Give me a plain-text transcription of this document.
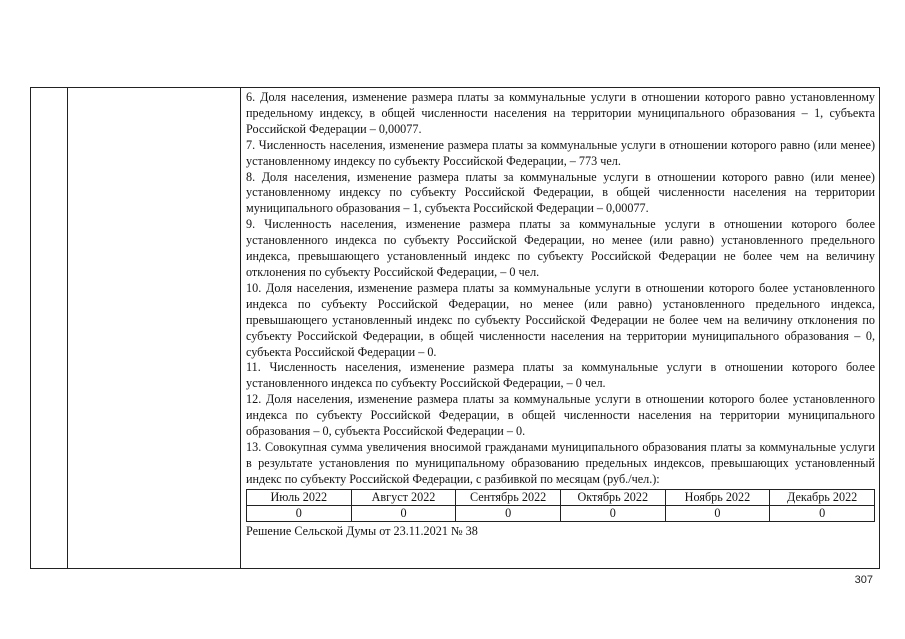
6. Доля населения, изменение размера платы за коммунальные услуги в отношении которого равно установленному предельному индексу, в общей численности населения на территории муниципального образования – 1, субъекта Российской Федерации – 0,00077.

7. Численность населения, изменение размера платы за коммунальные услуги в отношении которого равно (или менее) установленному индексу по субъекту Российской Федерации, – 773 чел.

8. Доля населения, изменение размера платы за коммунальные услуги в отношении которого равно (или менее) установленному индексу по субъекту Российской Федерации, в общей численности населения на территории муниципального образования – 1, субъекта Российской Федерации – 0,00077.

9. Численность населения, изменение размера платы за коммунальные услуги в отношении которого более установленного индекса по субъекту Российской Федерации, но менее (или равно) установленного предельного индекса, превышающего установленный индекс по субъекту Российской Федерации не более чем на величину отклонения по субъекту Российской Федерации, – 0 чел.

10. Доля населения, изменение размера платы за коммунальные услуги в отношении которого более установленного индекса по субъекту Российской Федерации, но менее (или равно) установленного предельного индекса, превышающего установленный индекс по субъекту Российской Федерации не более чем на величину отклонения по субъекту Российской Федерации, в общей численности населения на территории муниципального образования – 0, субъекта Российской Федерации – 0.

11. Численность населения, изменение размера платы за коммунальные услуги в отношении которого более установленного индекса по субъекту Российской Федерации, – 0 чел.

12. Доля населения, изменение размера платы за коммунальные услуги в отношении которого более установленного индекса по субъекту Российской Федерации, в общей численности населения на территории муниципального образования – 0, субъекта Российской Федерации – 0.

13. Совокупная сумма увеличения вносимой гражданами муниципального образования платы за коммунальные услуги в результате установления по муниципальному образованию предельных индексов, превышающих установленный индекс по субъекту Российской Федерации, с разбивкой по месяцам (руб./чел.):

Июль 2022	Август 2022	Сентябрь 2022	Октябрь 2022	Ноябрь 2022	Декабрь 2022
0	0	0	0	0	0

Решение Сельской Думы от 23.11.2021 № 38

307
